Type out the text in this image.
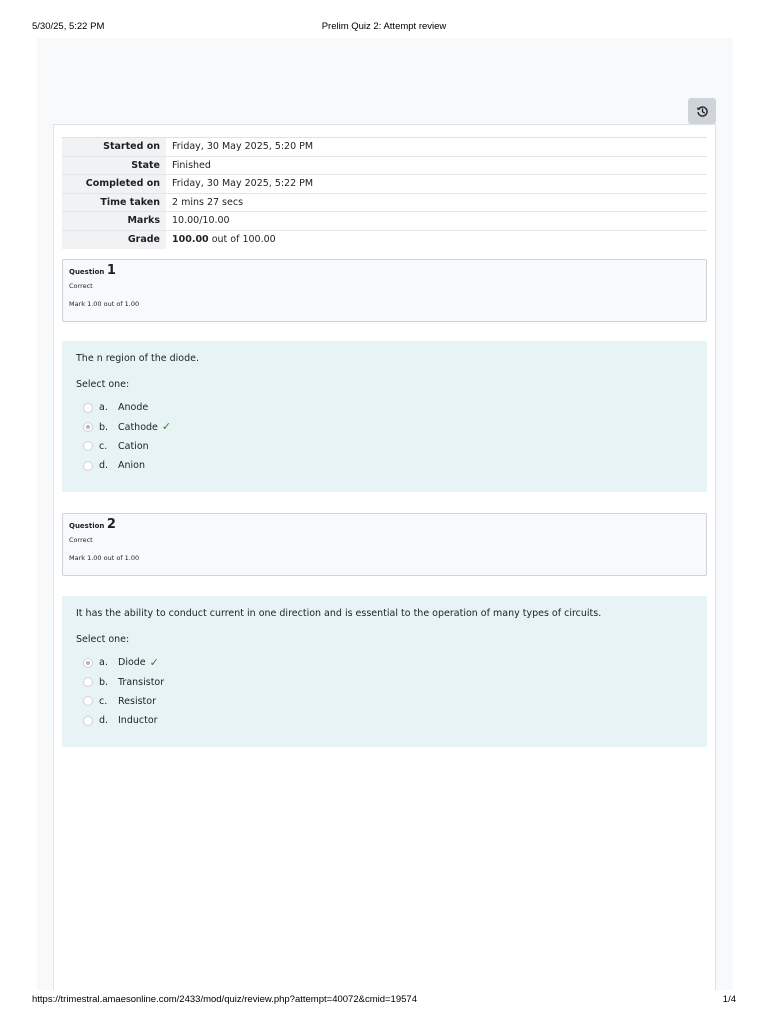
5/30/25, 5:22 PM	Prelim Quiz 2: Attempt review
Started on	Friday, 30 May 2025, 5:20 PM
State	Finished
Completed on	Friday, 30 May 2025, 5:22 PM
Time taken	2 mins 27 secs
Marks	10.00/10.00
Grade	100.00 out of 100.00
Question 1
Correct
Mark 1.00 out of 1.00
The n region of the diode.
Select one:
a.	Anode
b.	Cathode ✓
c.	Cation
d.	Anion
Question 2
Correct
Mark 1.00 out of 1.00
It has the ability to conduct current in one direction and is essential to the operation of many types of circuits.
Select one:
a.	Diode ✓
b.	Transistor
c.	Resistor
d.	Inductor
https://trimestral.amaesonline.com/2433/mod/quiz/review.php?attempt=40072&cmid=19574	1/4
